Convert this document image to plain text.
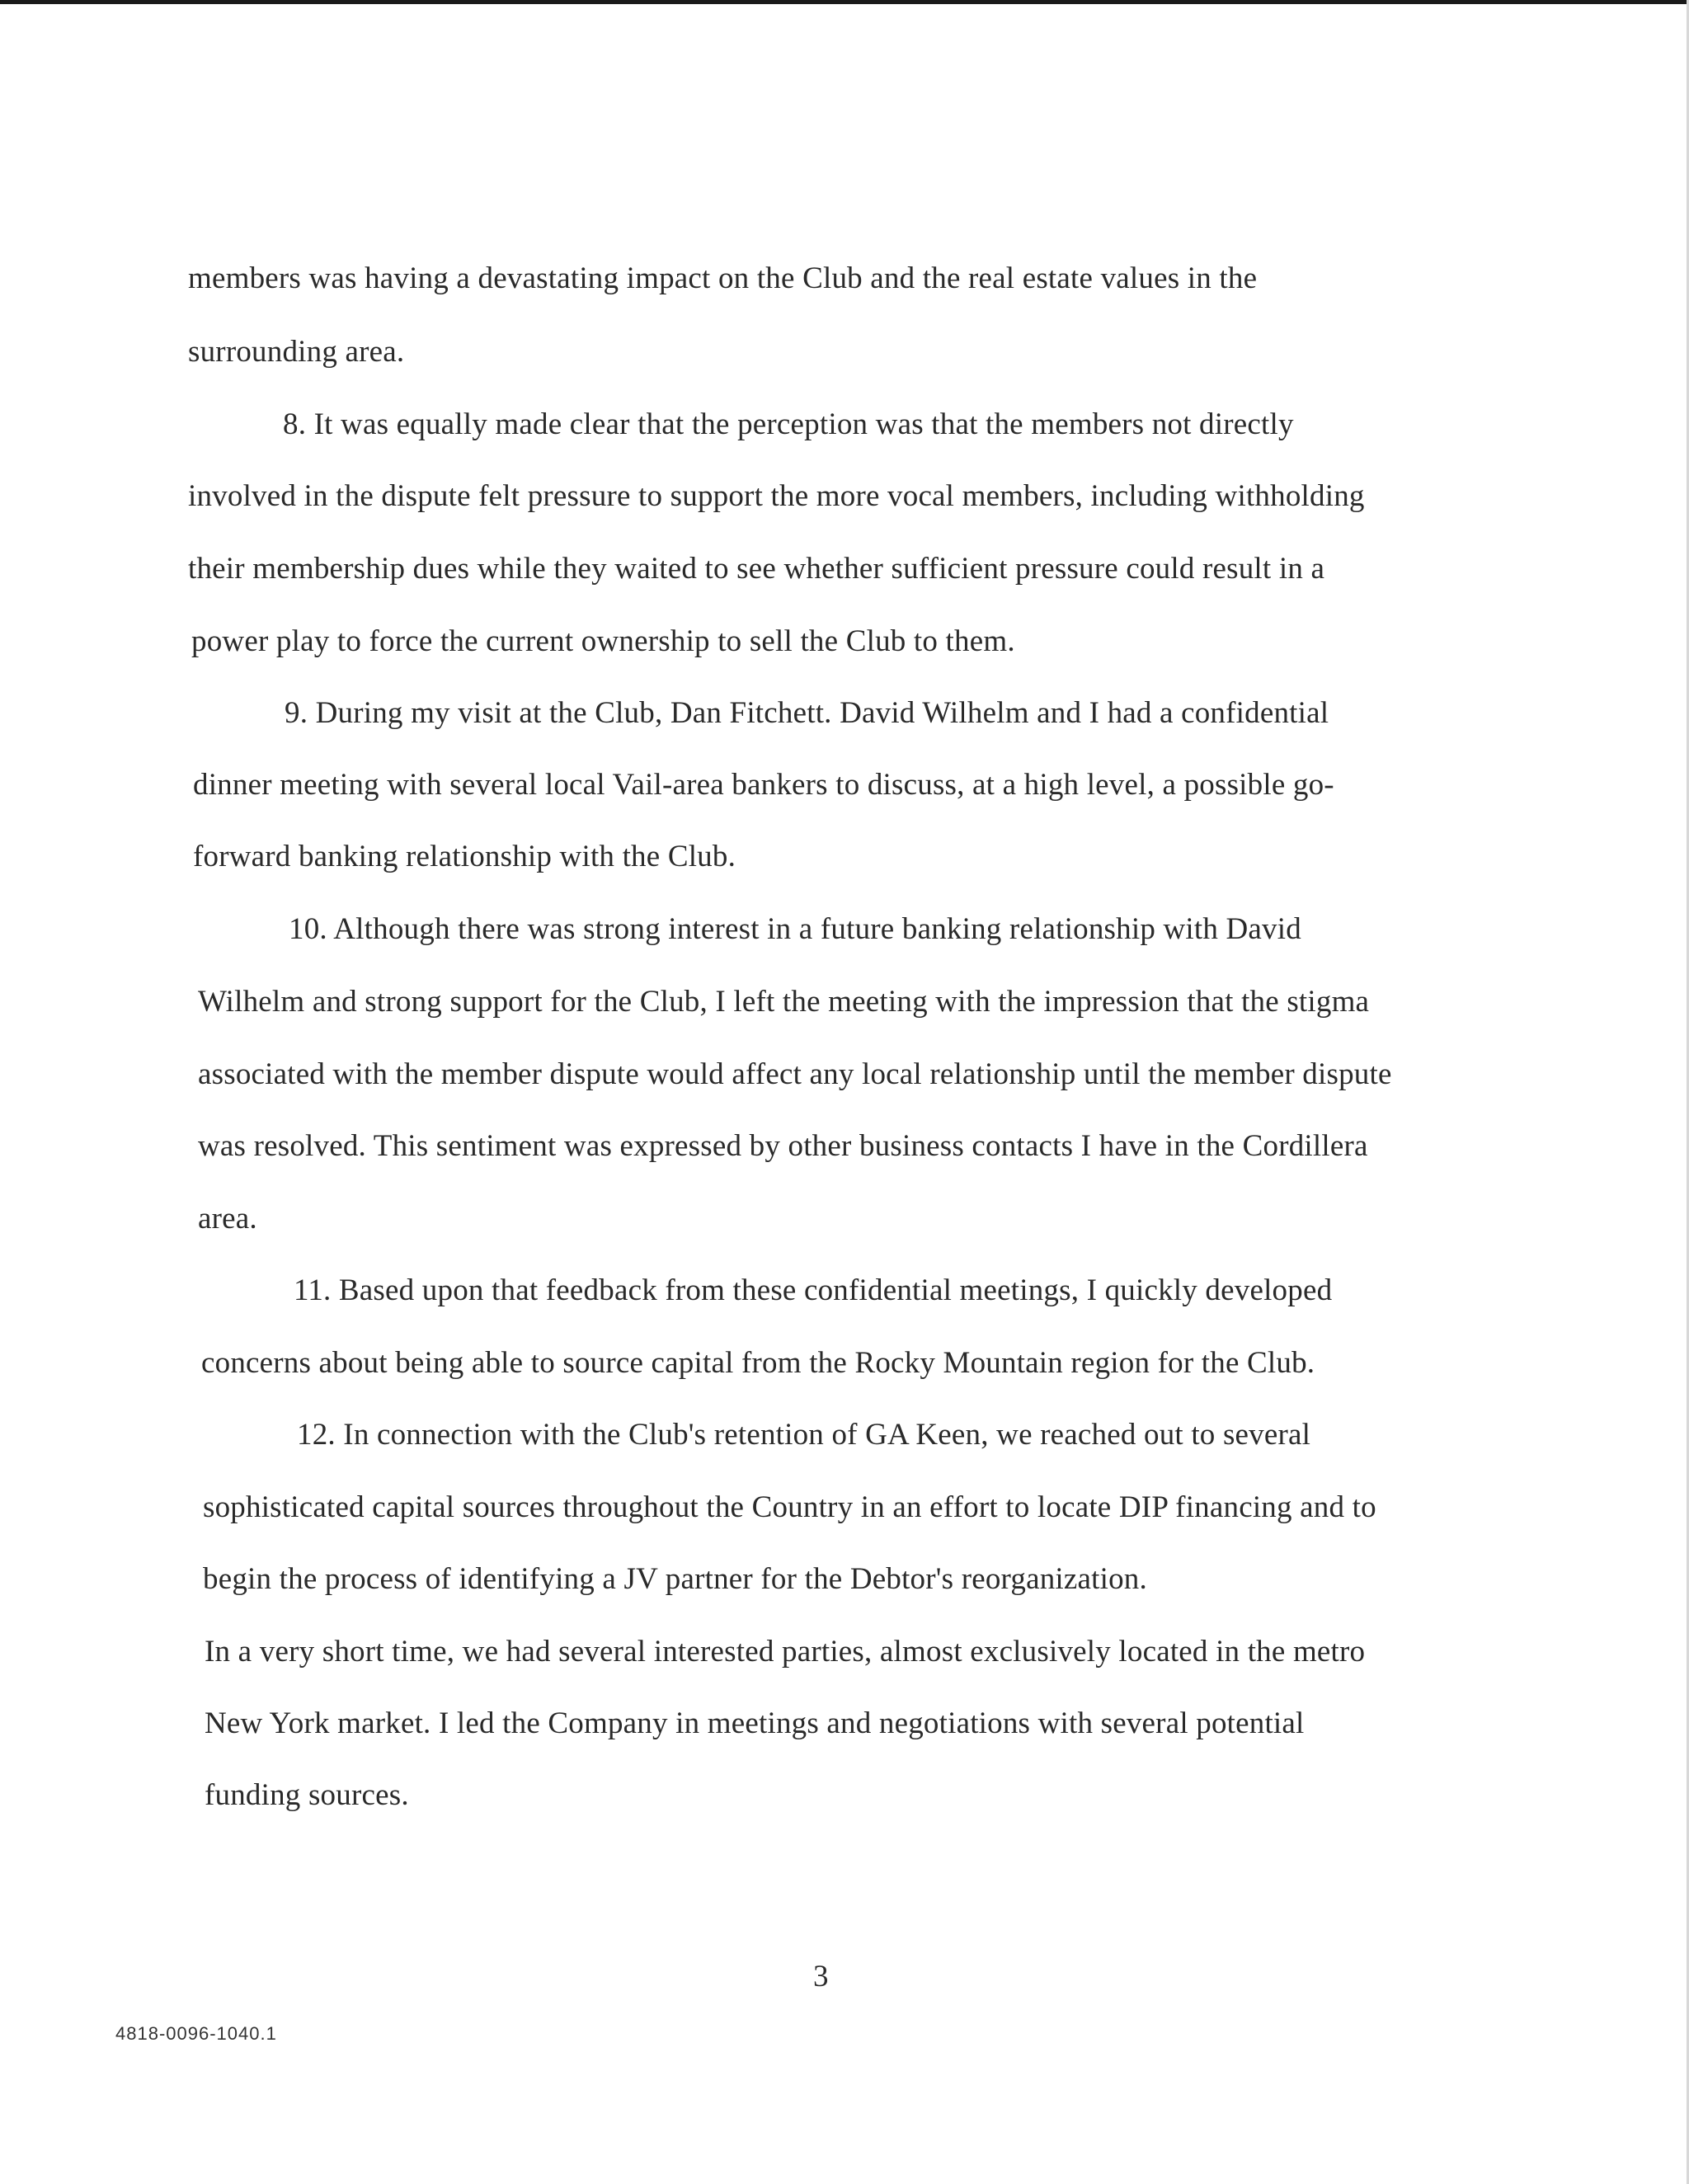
members was having a devastating impact on the Club and the real estate values in the
surrounding area.
8. It was equally made clear that the perception was that the members not directly
involved in the dispute felt pressure to support the more vocal members, including withholding
their membership dues while they waited to see whether sufficient pressure could result in a
power play to force the current ownership to sell the Club to them.
9. During my visit at the Club, Dan Fitchett. David Wilhelm and I had a confidential
dinner meeting with several local Vail-area bankers to discuss, at a high level, a possible go-
forward banking relationship with the Club.
10. Although there was strong interest in a future banking relationship with David
Wilhelm and strong support for the Club, I left the meeting with the impression that the stigma
associated with the member dispute would affect any local relationship until the member dispute
was resolved. This sentiment was expressed by other business contacts I have in the Cordillera
area.
11. Based upon that feedback from these confidential meetings, I quickly developed
concerns about being able to source capital from the Rocky Mountain region for the Club.
12. In connection with the Club's retention of GA Keen, we reached out to several
sophisticated capital sources throughout the Country in an effort to locate DIP financing and to
begin the process of identifying a JV partner for the Debtor's reorganization.
In a very short time, we had several interested parties, almost exclusively located in the metro
New York market. I led the Company in meetings and negotiations with several potential
funding sources.
3
4818-0096-1040.1
